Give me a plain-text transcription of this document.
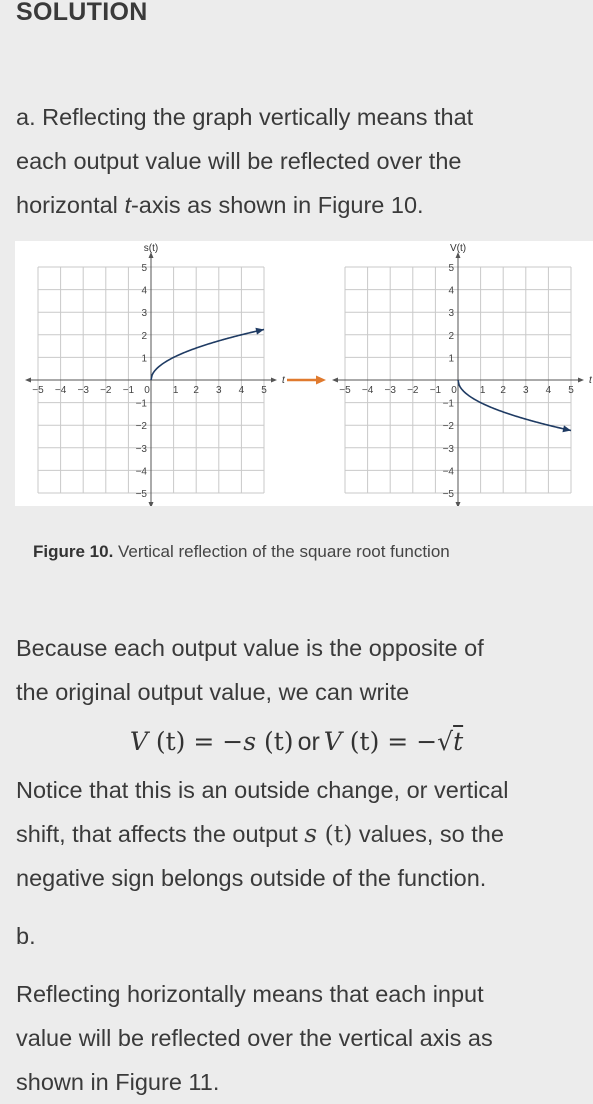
SOLUTION
a. Reflecting the graph vertically means that
each output value will be reflected over the
horizontal t-axis as shown in Figure 10.
−5 −4 −3 −2 −1 0 1 2 3 4 5
5
4
3
2
1
−1
−2
−3
−4
−5
s(t)
t
−5 −4 −3 −2 −1 0 1 2 3 4 5
5
4
3
2
1
−1
−2
−3
−4
−5
V(t)
t
Figure 10. Vertical reflection of the square root function
Because each output value is the opposite of
the original output value, we can write
V (t) = −s (t) or V (t) = −√t
Notice that this is an outside change, or vertical
shift, that affects the output s (t) values, so the
negative sign belongs outside of the function.
b.
Reflecting horizontally means that each input
value will be reflected over the vertical axis as
shown in Figure 11.
